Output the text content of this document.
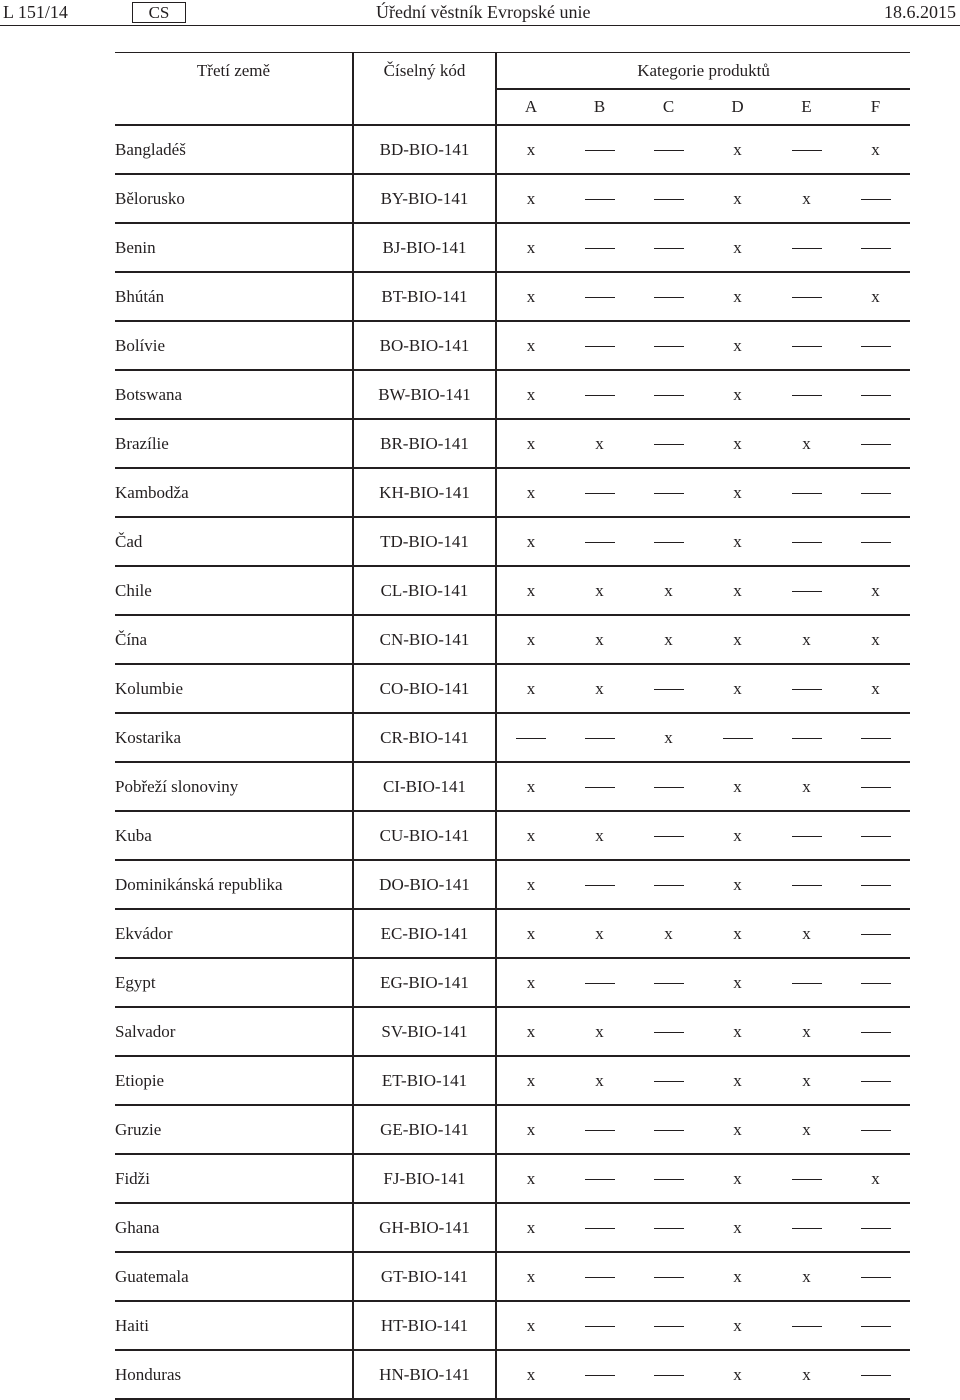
L 151/14	CS	Úřední věstník Evropské unie	18.6.2015
Třetí země	Číselný kód	Kategorie produktů					
		A	B	C	D	E	F
Bangladéš	BD-BIO-141	x			x		x
Bělorusko	BY-BIO-141	x			x	x	
Benin	BJ-BIO-141	x			x		
Bhútán	BT-BIO-141	x			x		x
Bolívie	BO-BIO-141	x			x		
Botswana	BW-BIO-141	x			x		
Brazílie	BR-BIO-141	x	x		x	x	
Kambodža	KH-BIO-141	x			x		
Čad	TD-BIO-141	x			x		
Chile	CL-BIO-141	x	x	x	x		x
Čína	CN-BIO-141	x	x	x	x	x	x
Kolumbie	CO-BIO-141	x	x		x		x
Kostarika	CR-BIO-141			x			
Pobřeží slonoviny	CI-BIO-141	x			x	x	
Kuba	CU-BIO-141	x	x		x		
Dominikánská republika	DO-BIO-141	x			x		
Ekvádor	EC-BIO-141	x	x	x	x	x	
Egypt	EG-BIO-141	x			x		
Salvador	SV-BIO-141	x	x		x	x	
Etiopie	ET-BIO-141	x	x		x	x	
Gruzie	GE-BIO-141	x			x	x	
Fidži	FJ-BIO-141	x			x		x
Ghana	GH-BIO-141	x			x		
Guatemala	GT-BIO-141	x			x	x	
Haiti	HT-BIO-141	x			x		
Honduras	HN-BIO-141	x			x	x	
